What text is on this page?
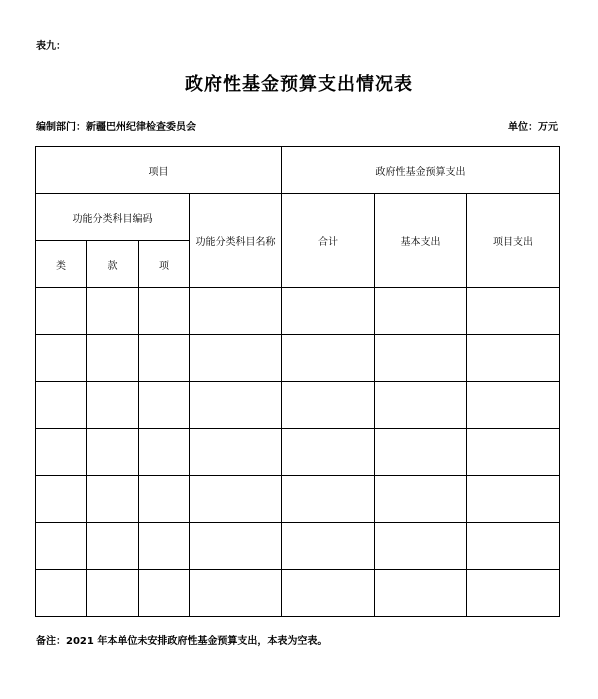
表九：
政府性基金预算支出情况表
编制部门：新疆巴州纪律检查委员会	单位：万元
项目				政府性基金预算支出		
功能分类科目编码			功能分类科目名称	合计	基本支出	项目支出
类	款	项				

备注：2021 年本单位未安排政府性基金预算支出，本表为空表。
